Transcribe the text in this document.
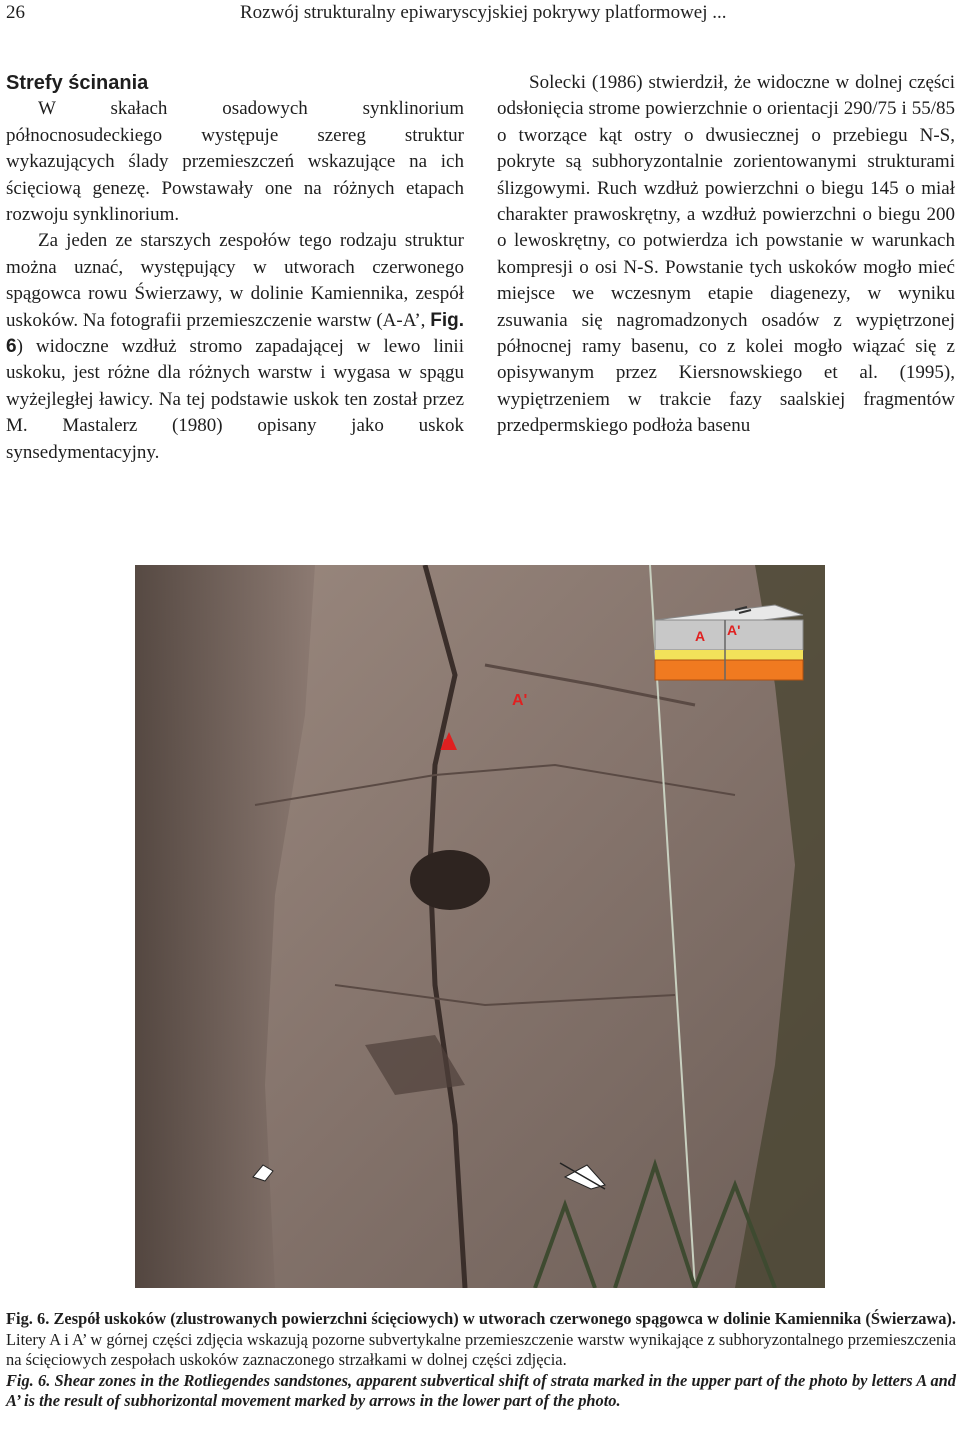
26	Rozwój strukturalny epiwaryscyjskiej pokrywy platformowej ...
Strefy ścinania

W skałach osadowych synklinorium północnosudeckiego występuje szereg struktur wykazujących ślady przemieszczeń wskazujące na ich ścięciową genezę. Powstawały one na różnych etapach rozwoju synklinorium.

Za jeden ze starszych zespołów tego rodzaju struktur można uznać, występujący w utworach czerwonego spągowca rowu Świerzawy, w dolinie Kamiennika, zespół uskoków. Na fotografii przemieszczenie warstw (A-A’, Fig. 6) widoczne wzdłuż stromo zapadającej w lewo linii uskoku, jest różne dla różnych warstw i wygasa w spągu wyżejległej ławicy. Na tej podstawie uskok ten został przez M. Mastalerz (1980) opisany jako uskok synsedymentacyjny.

Solecki (1986) stwierdził, że widoczne w dolnej części odsłonięcia strome powierzchnie o orientacji 290/75 i 55/85 o tworzące kąt ostry o dwusiecznej o przebiegu N-S, pokryte są subhoryzontalnie zorientowanymi strukturami ślizgowymi. Ruch wzdłuż powierzchni o biegu 145 o miał charakter prawoskrętny, a wzdłuż powierzchni o biegu 200 o lewoskrętny, co potwierdza ich powstanie w warunkach kompresji o osi N-S. Powstanie tych uskoków mogło mieć miejsce we wczesnym etapie diagenezy, w wyniku zsuwania się nagromadzonych osadów z wypiętrzonej północnej ramy basenu, co z kolei mogło wiązać się z opisywanym przez Kiersnowskiego et al. (1995), wypiętrzeniem w trakcie fazy saalskiej fragmentów przedpermskiego podłoża basenu

A
A'
A A'

Fig. 6. Zespół uskoków (zlustrowanych powierzchni ścięciowych) w utworach czerwonego spągowca w dolinie Kamiennika (Świerzawa). Litery A i A’ w górnej części zdjęcia wskazują pozorne subvertykalne przemieszczenie warstw wynikające z subhoryzontalnego przemieszczenia na ścięciowych zespołach uskoków zaznaczonego strzałkami w dolnej części zdjęcia.

Fig. 6. Shear zones in the Rotliegendes sandstones, apparent subvertical shift of strata marked in the upper part of the photo by letters A and A’ is the result of subhorizontal movement marked by arrows in the lower part of the photo.
